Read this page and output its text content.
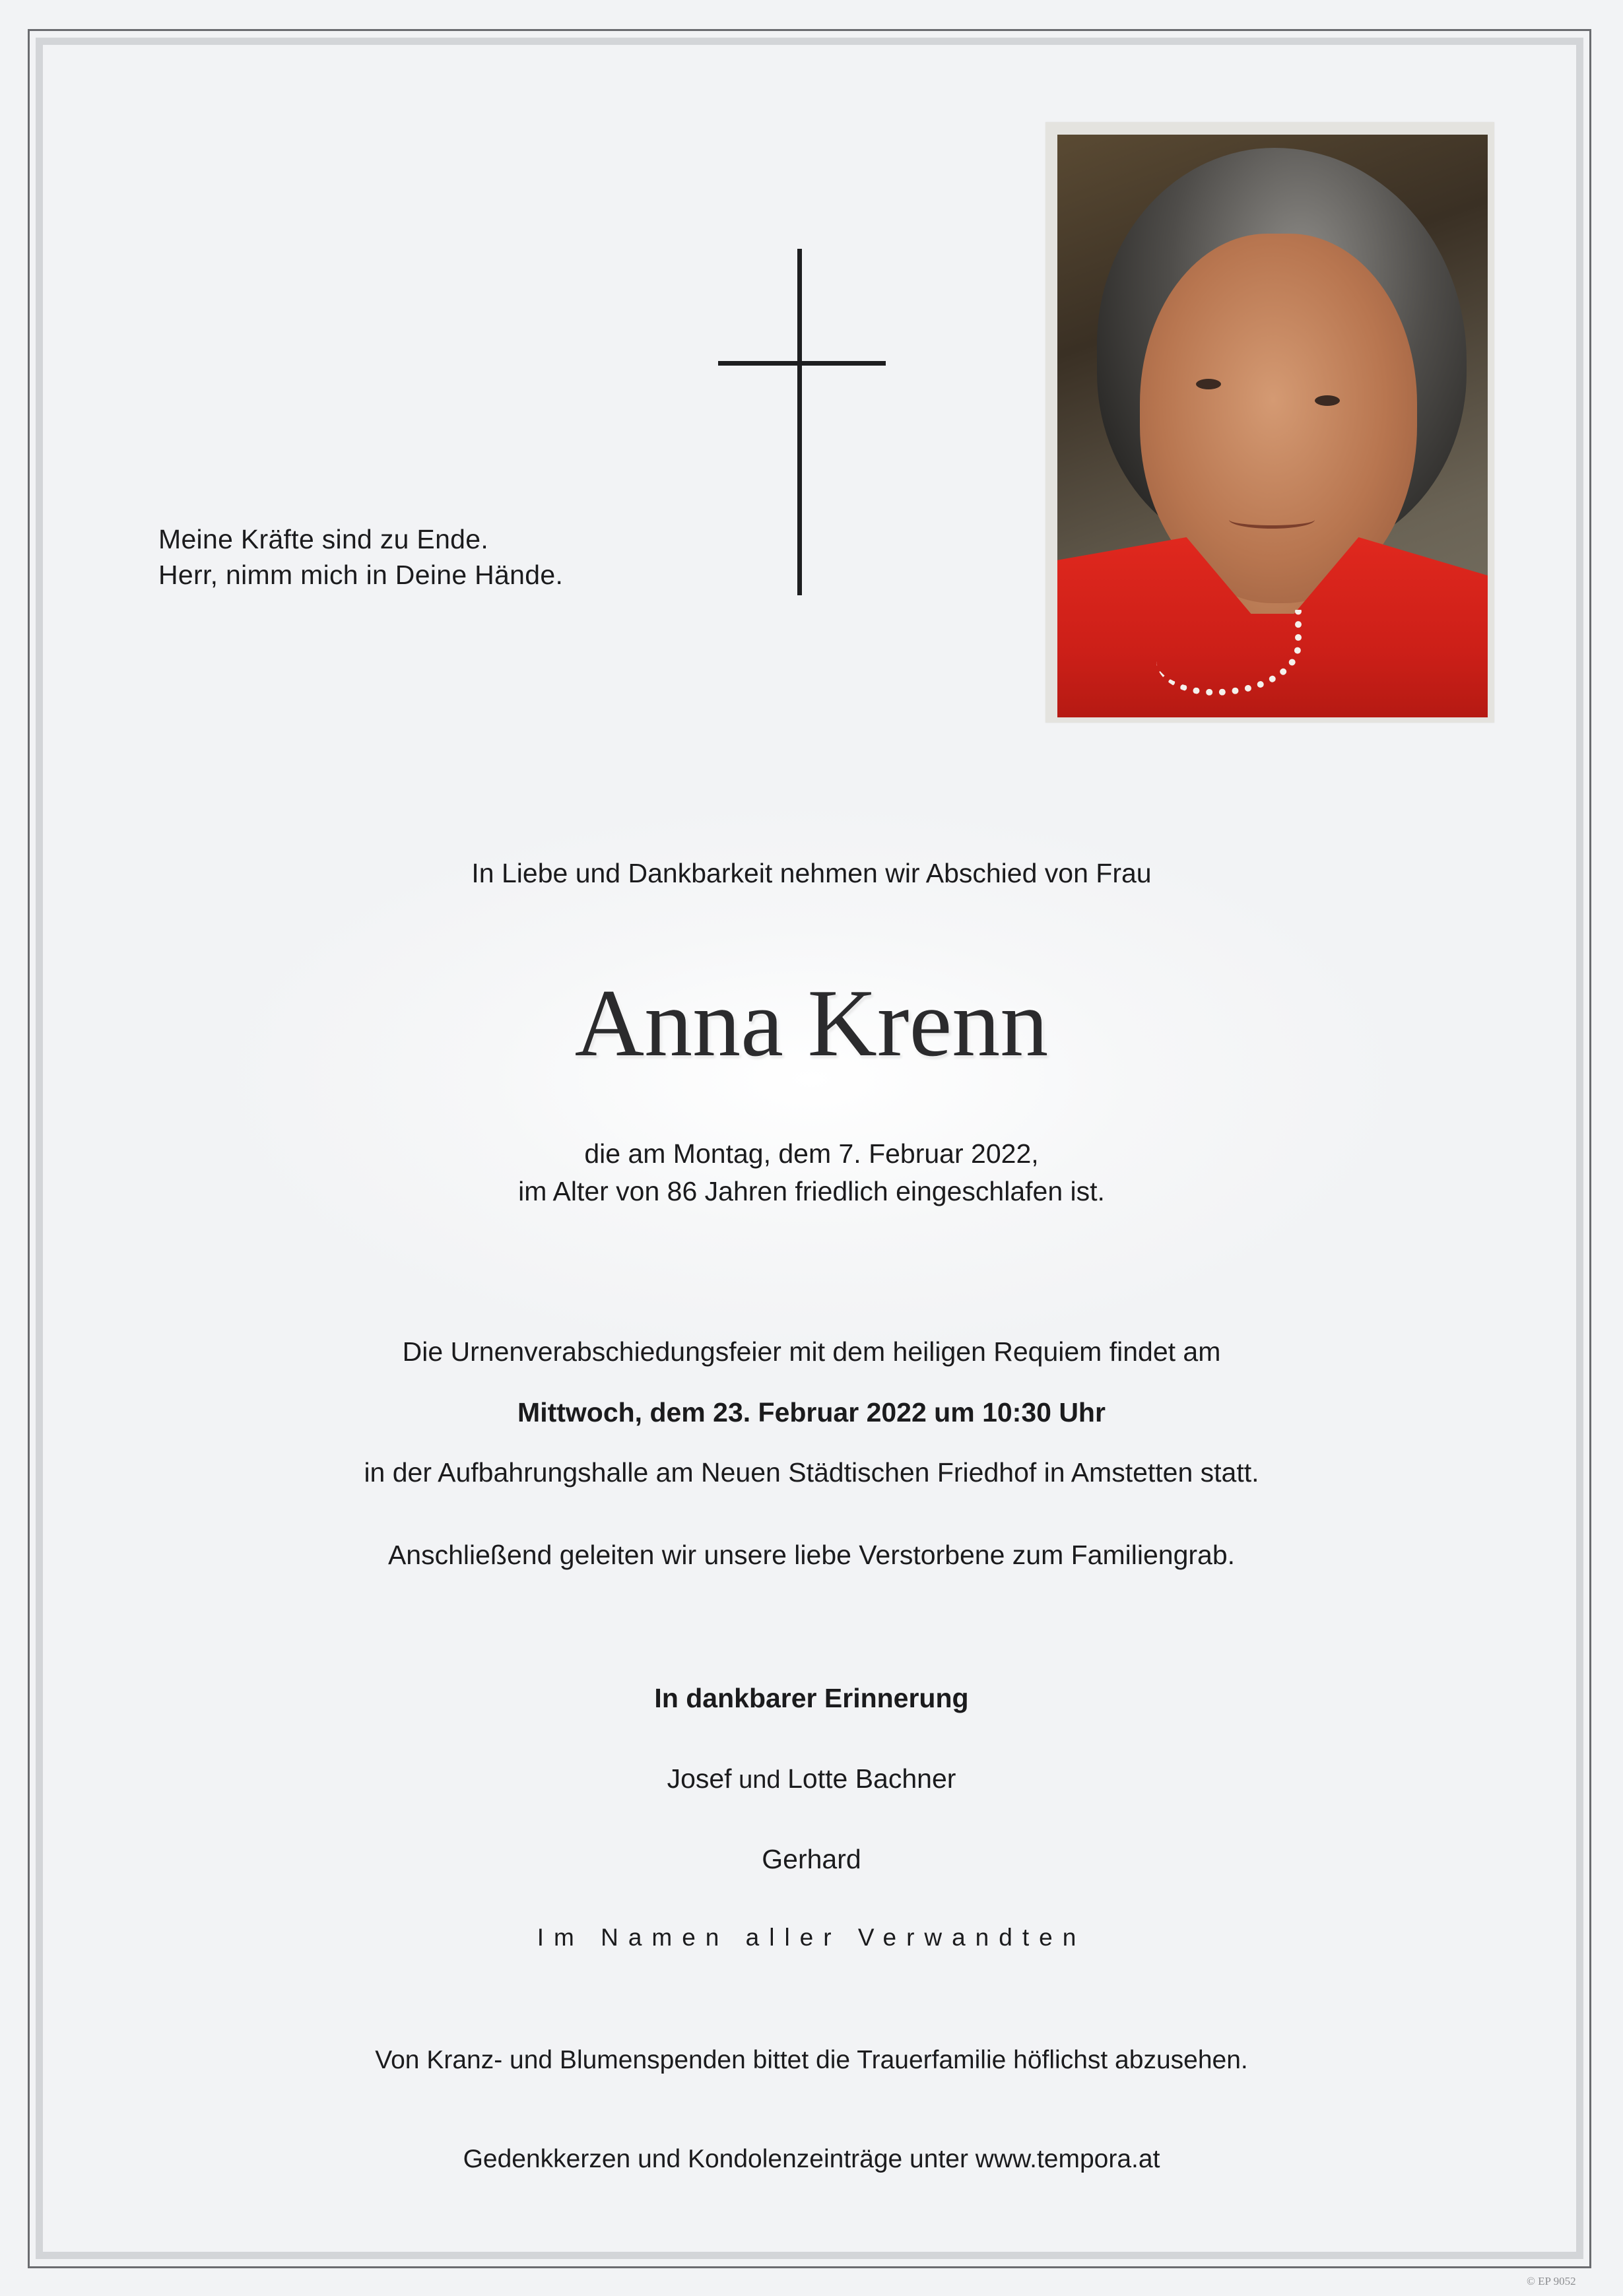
Meine Kräfte sind zu Ende.
Herr, nimm mich in Deine Hände.
In Liebe und Dankbarkeit nehmen wir Abschied von Frau
Anna Krenn
die am Montag, dem 7. Februar 2022,
im Alter von 86 Jahren friedlich eingeschlafen ist.
Die Urnenverabschiedungsfeier mit dem heiligen Requiem findet am
Mittwoch, dem 23. Februar 2022 um 10:30 Uhr
in der Aufbahrungshalle am Neuen Städtischen Friedhof in Amstetten statt.
Anschließend geleiten wir unsere liebe Verstorbene zum Familiengrab.
In dankbarer Erinnerung
Josef und Lotte Bachner
Gerhard
Im Namen aller Verwandten
Von Kranz- und Blumenspenden bittet die Trauerfamilie höflichst abzusehen.
Gedenkkerzen und Kondolenzeinträge unter www.tempora.at
© EP 9052
